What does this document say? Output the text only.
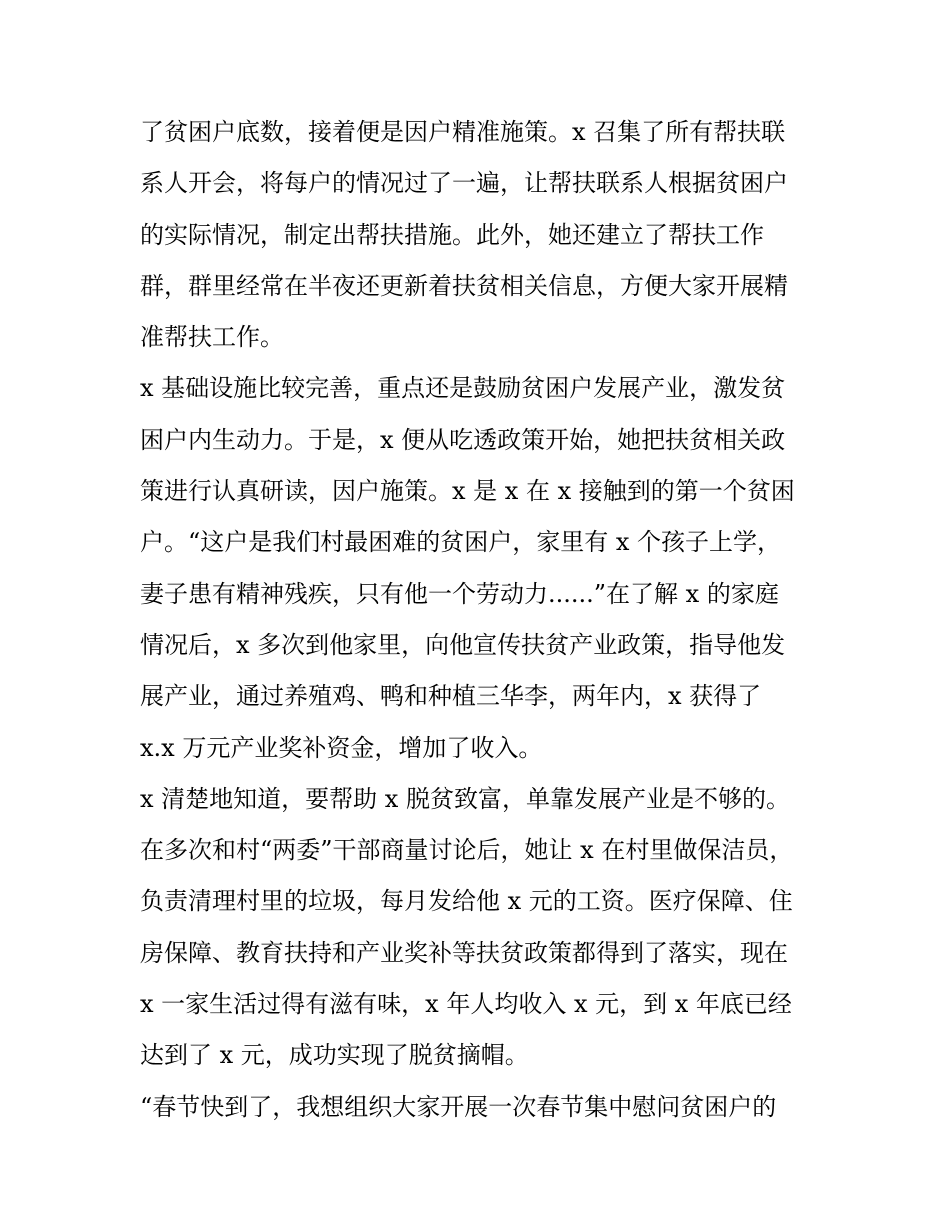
了贫困户底数，接着便是因户精准施策。x 召集了所有帮扶联
系人开会，将每户的情况过了一遍，让帮扶联系人根据贫困户
的实际情况，制定出帮扶措施。此外，她还建立了帮扶工作
群，群里经常在半夜还更新着扶贫相关信息，方便大家开展精
准帮扶工作。
x 基础设施比较完善，重点还是鼓励贫困户发展产业，激发贫
困户内生动力。于是，x 便从吃透政策开始，她把扶贫相关政
策进行认真研读，因户施策。x 是 x 在 x 接触到的第一个贫困
户。“这户是我们村最困难的贫困户，家里有 x 个孩子上学，
妻子患有精神残疾，只有他一个劳动力......”在了解 x 的家庭
情况后，x 多次到他家里，向他宣传扶贫产业政策，指导他发
展产业，通过养殖鸡、鸭和种植三华李，两年内，x 获得了
x.x 万元产业奖补资金，增加了收入。
x 清楚地知道，要帮助 x 脱贫致富，单靠发展产业是不够的。
在多次和村“两委”干部商量讨论后，她让 x 在村里做保洁员，
负责清理村里的垃圾，每月发给他 x 元的工资。医疗保障、住
房保障、教育扶持和产业奖补等扶贫政策都得到了落实，现在
x 一家生活过得有滋有味，x 年人均收入 x 元，到 x 年底已经
达到了 x 元，成功实现了脱贫摘帽。
“春节快到了，我想组织大家开展一次春节集中慰问贫困户的
